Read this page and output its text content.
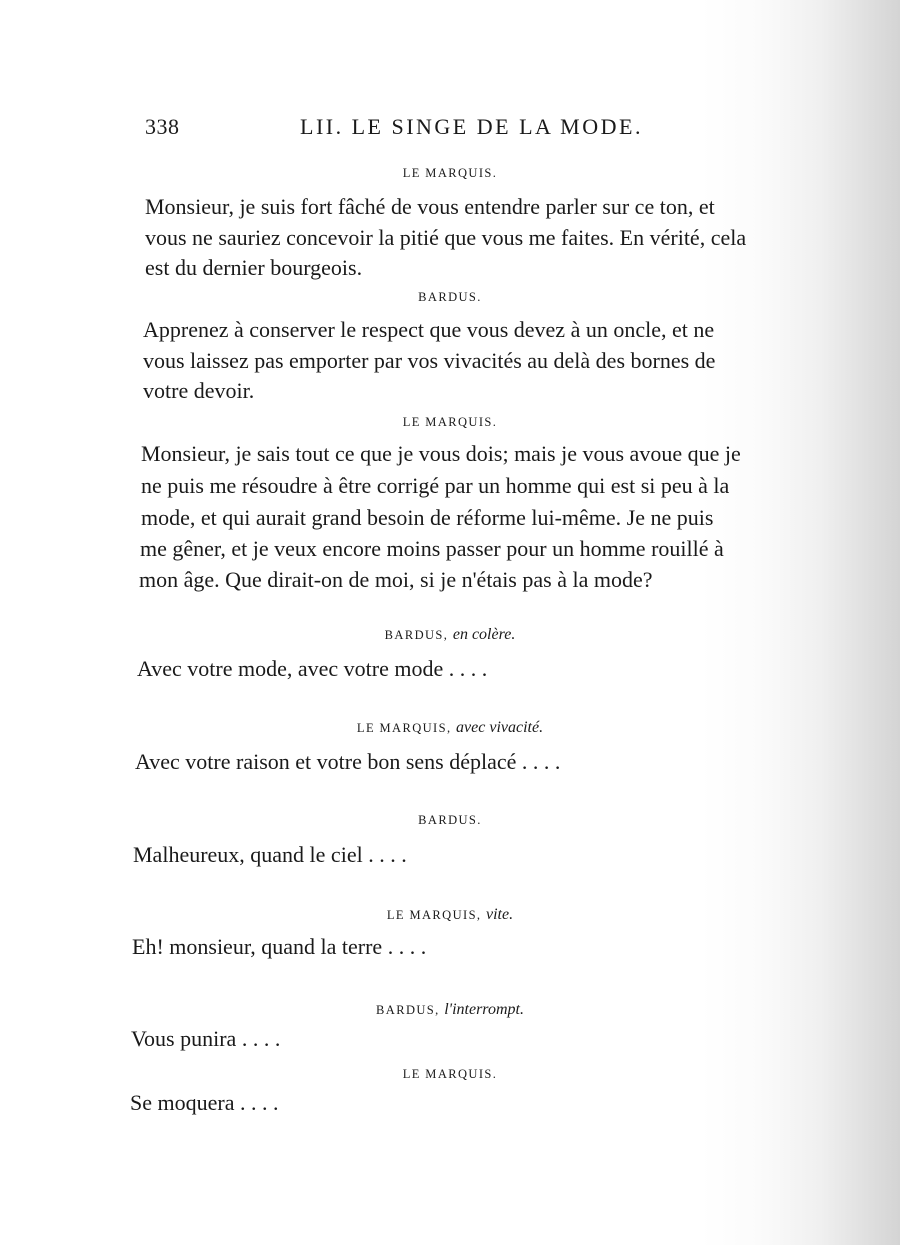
338	LII. LE SINGE DE LA MODE.
LE MARQUIS.
Monsieur, je suis fort fâché de vous entendre parler sur ce ton, et
vous ne sauriez concevoir la pitié que vous me faites. En vérité, cela
est du dernier bourgeois.
BARDUS.
Apprenez à conserver le respect que vous devez à un oncle, et ne
vous laissez pas emporter par vos vivacités au delà des bornes de
votre devoir.
LE MARQUIS.
Monsieur, je sais tout ce que je vous dois; mais je vous avoue que je
ne puis me résoudre à être corrigé par un homme qui est si peu à la
mode, et qui aurait grand besoin de réforme lui-même. Je ne puis
me gêner, et je veux encore moins passer pour un homme rouillé à
mon âge. Que dirait-on de moi, si je n'étais pas à la mode?
BARDUS, en colère.
Avec votre mode, avec votre mode . . . .
LE MARQUIS, avec vivacité.
Avec votre raison et votre bon sens déplacé . . . .
BARDUS.
Malheureux, quand le ciel . . . .
LE MARQUIS, vite.
Eh! monsieur, quand la terre . . . .
BARDUS, l'interrompt.
Vous punira . . . .
LE MARQUIS.
Se moquera . . . .
